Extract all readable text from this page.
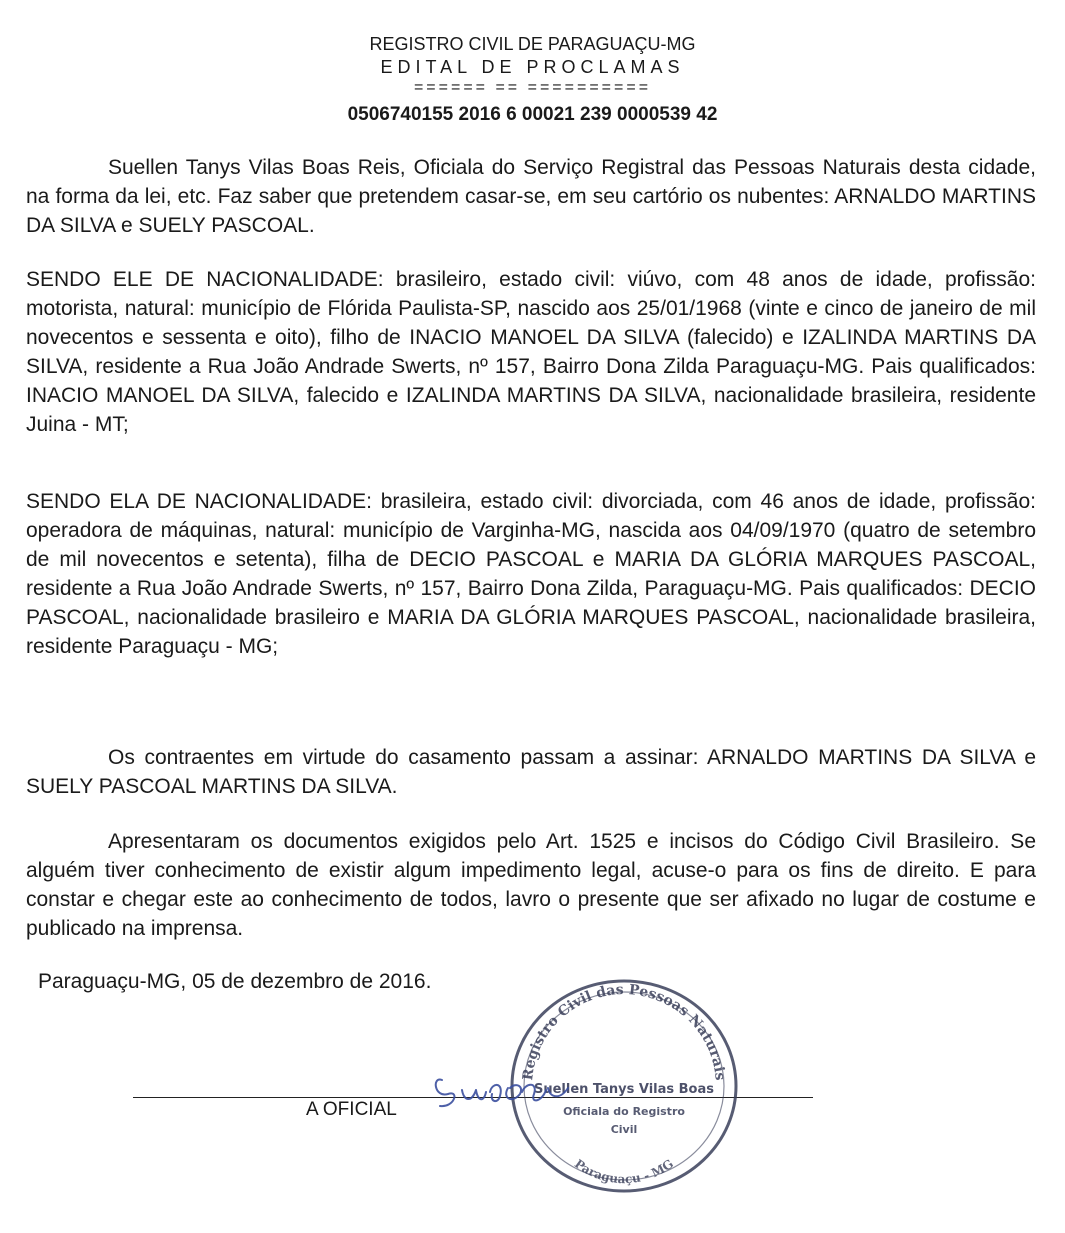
REGISTRO CIVIL DE PARAGUAÇU-MG

EDITAL DE PROCLAMAS

====== == ==========

0506740155 2016 6 00021 239 0000539 42

Suellen Tanys Vilas Boas Reis, Oficiala do Serviço Registral das Pessoas Naturais desta cidade, na forma da lei, etc. Faz saber que pretendem casar-se, em seu cartório os nubentes: ARNALDO MARTINS DA SILVA e SUELY PASCOAL.

SENDO ELE DE NACIONALIDADE: brasileiro, estado civil: viúvo, com 48 anos de idade, profissão: motorista, natural: município de Flórida Paulista-SP, nascido aos 25/01/1968 (vinte e cinco de janeiro de mil novecentos e sessenta e oito), filho de INACIO MANOEL DA SILVA (falecido) e IZALINDA MARTINS DA SILVA, residente a Rua João Andrade Swerts, nº 157, Bairro Dona Zilda Paraguaçu-MG. Pais qualificados: INACIO MANOEL DA SILVA, falecido e IZALINDA MARTINS DA SILVA, nacionalidade brasileira, residente Juina - MT;

SENDO ELA DE NACIONALIDADE: brasileira, estado civil: divorciada, com 46 anos de idade, profissão: operadora de máquinas, natural: município de Varginha-MG, nascida aos 04/09/1970 (quatro de setembro de mil novecentos e setenta), filha de DECIO PASCOAL e MARIA DA GLÓRIA MARQUES PASCOAL, residente a Rua João Andrade Swerts, nº 157, Bairro Dona Zilda, Paraguaçu-MG. Pais qualificados: DECIO PASCOAL, nacionalidade brasileiro e MARIA DA GLÓRIA MARQUES PASCOAL, nacionalidade brasileira, residente Paraguaçu - MG;

Os contraentes em virtude do casamento passam a assinar: ARNALDO MARTINS DA SILVA e SUELY PASCOAL MARTINS DA SILVA.

Apresentaram os documentos exigidos pelo Art. 1525 e incisos do Código Civil Brasileiro. Se alguém tiver conhecimento de existir algum impedimento legal, acuse-o para os fins de direito. E para constar e chegar este ao conhecimento de todos, lavro o presente que ser afixado no lugar de costume e publicado na imprensa.

Paraguaçu-MG, 05 de dezembro de 2016.

A OFICIAL

Registro Civil das Pessoas Naturais
Suellen Tanys Vilas Boas
Oficiala do Registro
Civil
Paraguaçu - MG
